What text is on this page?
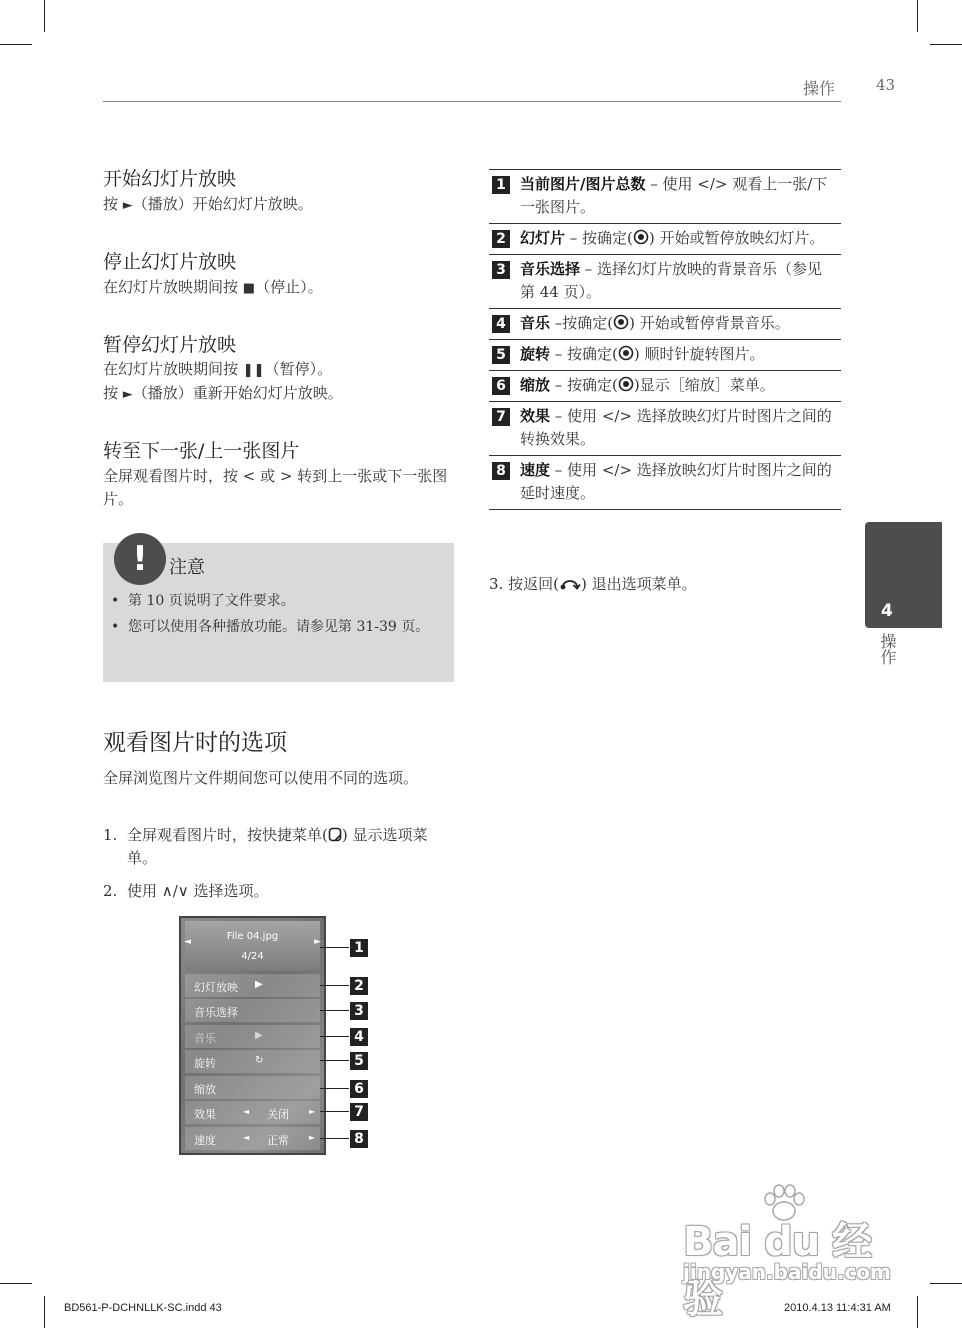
操作	43
开始幻灯片放映
按 ►（播放）开始幻灯片放映。
停止幻灯片放映
在幻灯片放映期间按 ■（停止）。
暂停幻灯片放映
在幻灯片放映期间按 ❚❚（暂停）。
按 ►（播放）重新开始幻灯片放映。
转至下一张/上一张图片
全屏观看图片时，按 < 或 > 转到上一张或下一张图片。
!	注意
• 第 10 页说明了文件要求。
• 您可以使用各种播放功能。请参见第 31-39 页。
观看图片时的选项
全屏浏览图片文件期间您可以使用不同的选项。
1. 全屏观看图片时，按快捷菜单( ) 显示选项菜单。
2. 使用 ∧/∨ 选择选项。
◄	File 04.jpg
4/24
►
幻灯放映 ▶
音乐选择
音乐	▶
旋转	↻
缩放
效果	◄ 关闭	►
速度	◄ 正常	►
1
2
3
4
5
6
7
8
1 当前图片/图片总数 – 使用 </> 观看上一张/下一张图片。
2 幻灯片 – 按确定( ) 开始或暂停放映幻灯片。
3 音乐选择 – 选择幻灯片放映的背景音乐（参见第 44 页）。
4 音乐 –按确定( ) 开始或暂停背景音乐。
5 旋转 – 按确定( ) 顺时针旋转图片。
6 缩放 – 按确定( )显示［缩放］菜单。
7 效果 – 使用 </> 选择放映幻灯片时图片之间的转换效果。
8 速度 – 使用 </> 选择放映幻灯片时图片之间的延时速度。
3. 按返回( ) 退出选项菜单。
4
操作
Bai du 经验
jingyan.baidu.com
BD561-P-DCHNLLK-SC.indd 43	2010.4.13 11:4:31 AM
